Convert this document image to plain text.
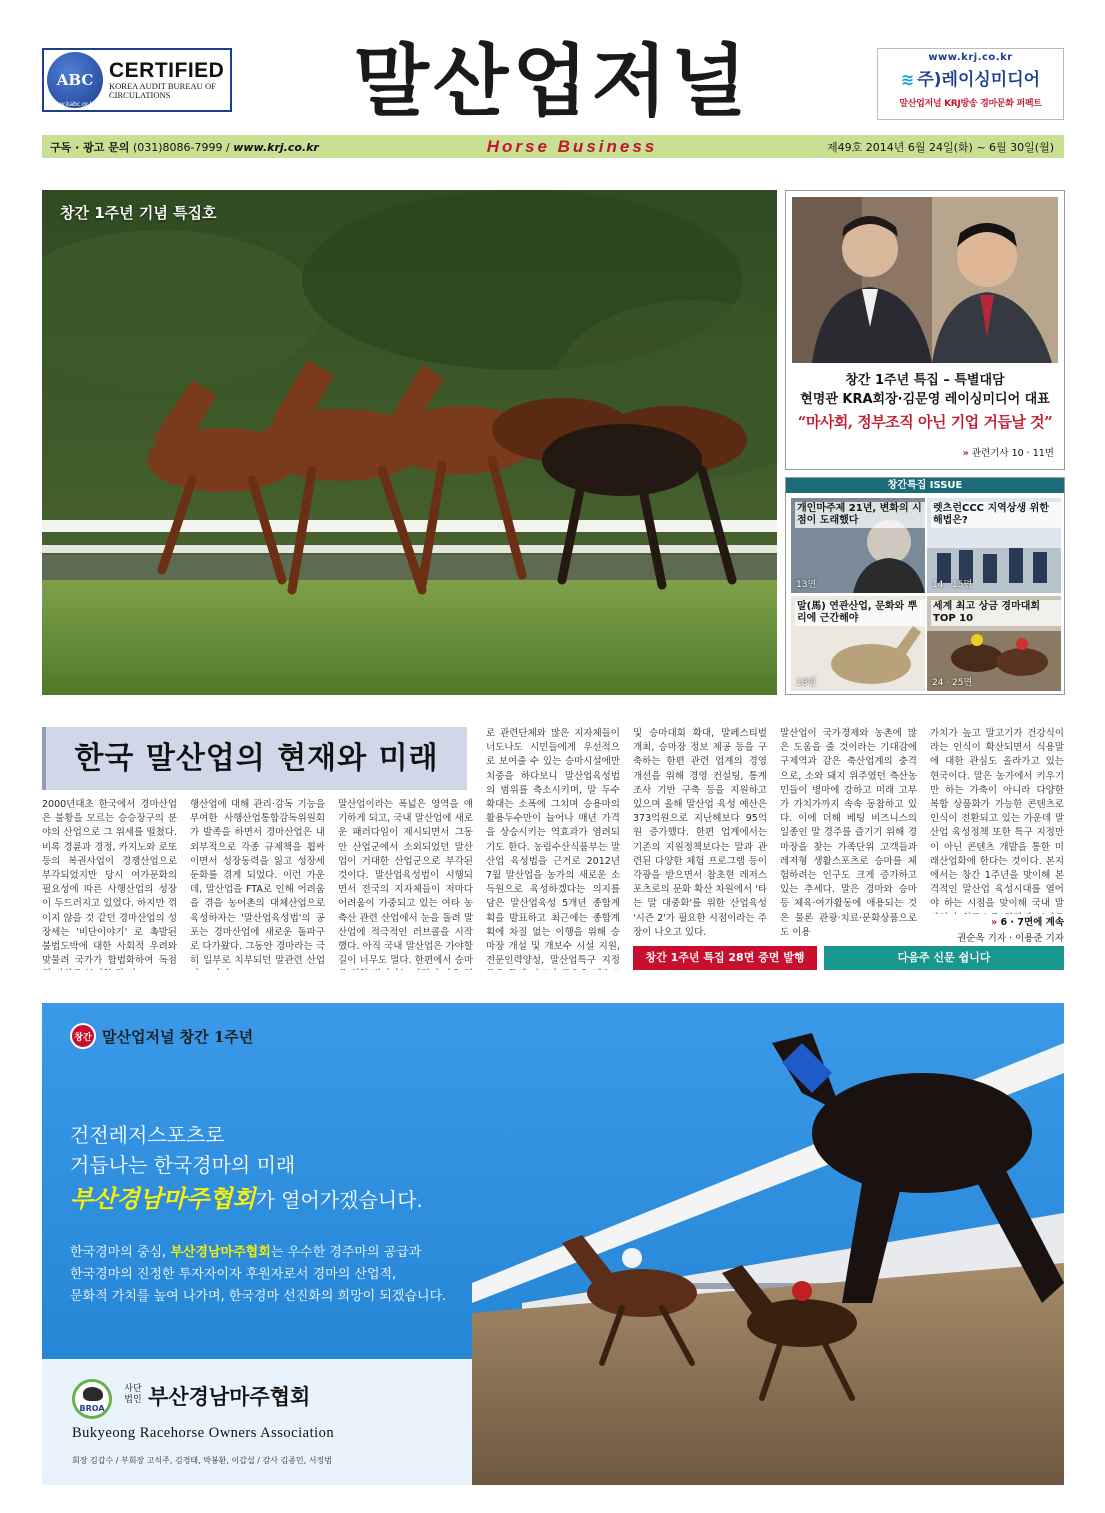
ABC CERTIFIED
KOREA AUDIT BUREAU OF
CIRCULATIONS
www.kabc.or.kr	말산업저널	www.krj.co.kr
≋ 주)레이싱미디어
말산업저널 KRJ방송 경마문화 퍼펙트
구독 · 광고 문의 (031)8086-7999 / www.krj.co.kr	Horse Business	제49호 2014년 6월 24일(화) ~ 6월 30일(월)
창간 1주년 기념 특집호
창간 1주년 특집 – 특별대담
현명관 KRA회장·김문영 레이싱미디어 대표
“마사회, 정부조직 아닌 기업 거듭날 것”
» 관련기사 10 · 11면
창간특집 ISSUE
개인마주제 21년, 변화의 시점이 도래했다
13면
렛츠런CCC 지역상생 위한 해법은?
14 · 15면
말(馬) 연관산업, 문화와 뿌리에 근간해야
18면
세계 최고 상금 경마대회 TOP 10
24 · 25면
한국 말산업의 현재와 미래
2000년대초 한국에서 경마산업은 불황을 모르는 승승장구의 분야의 산업으로 그 위세를 떨쳤다. 비록 경륜과 경정, 카지노와 로또 등의 복권사업이 경쟁산업으로 부각되었지만 당시 여가문화의 필요성에 따른 사행산업의 성장이 두드러지고 있었다. 하지만 꺾이지 않을 것 같던 경마산업의 성장세는 '비단이야기' 로 촉발된 불법도박에 대한 사회적 우려와 맞물려 국가가 합법화하여 독점
행산업에 대해 관리·감독 기능을 부여한 사행산업통합감독위원회가 발족을 하면서 경마산업은 내외부적으로 각종 규제책을 휩싸이면서 성장동력을 잃고 성장세 둔화를 겪게 되었다. 이런 가운데, 말산업을 FTA로 인해 어려움을 겪을 농어촌의 대체산업으로 육성하자는 '말산업육성법'의 공포는 경마산업에 새로운 돌파구로 다가왔다. 그동안 경마라는 극히 일부로 치부되던 말관련 산업
말산업이라는 폭넓은 영역을 얘기하게 되고, 국내 말산업에 새로운 패러다임이 제시되면서 그동안 산업군에서 소외되었던 말산업이 거대한 산업군으로 부각된 것이다. 말산업육성법이 시행되면서 전국의 지자체들이 저마다 어려움이 가중되고 있는 여타 농축산 관련 산업에서 눈을 돌려 말산업에 적극적인 러브콜을 시작했다. 아직 국내 말산업은 가야할 길이 너무도 멀다. 한편에서 승마
로 관련단체와 많은 지자체들이 너도나도 시민들에게 우선적으로 보여줄 수 있는 승마시설에만 치중을 하다보니 말산업육성법의 범위를 축소시키며, 말 두수 확대는 소폭에 그치며 승용마의 활용두수만이 늘어나 매년 가격을 상승시키는 역효과가 염려되기도 한다. 농림수산식품부는 말산업 육성법을 근거로 2012년 7월 말산업을 농가의 새로운 소득원으로 육성하겠다는 의지를 담은 말산업육성 5개년 종합계획을 발표하고 최근에는 종합계획에 차질 없는 이행을 위해 승마장 개설 및 개보수 시설 지원, 전문인력양성, 말산업특구 지정
및 승마대회 확대, 말페스티벌 개최, 승마장 정보 제공 등을 구축하는 한편 관련 업계의 경영 개선을 위해 경영 컨설팅, 통계조사 기반 구축 등을 지원하고 있으며 올해 말산업 육성 예산은 373억원으로 지난해보다 95억원 증가했다. 한편 업계에서는 기존의 지원정책보다는 말과 관련된 다양한 체험 프로그램 등이 각광을 받으면서 참초현 레저스포츠로의 문화 확산 차원에서 '타는 말 대중화'를 위한 산업육성 '시즌 2'가 필요한 시점이라는 주장이 나오고 있다.
말산업이 국가경제와 농촌에 많은 도움을 줄 것이라는 기대감에 구제역과 같은 축산업계의 충격으로, 소와 돼지 위주였던 축산농민들이 병마에 강하고 미래 고부가 가치가까지 속속 동참하고 있다. 이에 더해 베팅 비즈니스의 일종인 말 경주를 즐기기 위해 경마장을 찾는 가족단위 고객들과 레저형 생활스포츠로 승마를 체험하려는 인구도 크게 증가하고 있는 추세다. 말은 경마와 승마 등 체육·여가활동에 애용되는 것은 물론 관광·치료·문화상품으로도 이용
가치가 높고 말고기가 건강식이라는 인식이 확산되면서 식용말에 대한 관심도 올라가고 있는 현국이다. 말은 농가에서 키우기만 하는 가축이 아니라 다양한 복합 상품화가 가능한 콘텐츠로 인식이 전환되고 있는 가운데 말산업 육성정책 또한 특구 지정만이 아닌 콘텐츠 개발을 통한 미래산업화에 한다는 것이다. 본지에서는 창간 1주년을 맞이해 본격적인 말산업 육성시대를 열어야 하는 시점을 맞이해 국내 말
» 6 · 7면에 계속
권순옥 기자 · 이용준 기자
창간 1주년 특집 28면 증면 발행	다음주 신문 쉽니다
창간 말산업저널 창간 1주년
건전레저스포츠로
거듭나는 한국경마의 미래
부산경남마주협회가 열어가겠습니다.
한국경마의 중심, 부산경남마주협회는 우수한 경주마의 공급과
한국경마의 진정한 투자자이자 후원자로서 경마의 산업적,
문화적 가치를 높여 나가며, 한국경마 선진화의 희망이 되겠습니다.
BROA
사단법인 부산경남마주협회
Bukyeong Racehorse Owners Association
회장 김갑수 / 부회장 고석주, 김경태, 박봉환, 이갑섭 / 감사 김종민, 서정범
